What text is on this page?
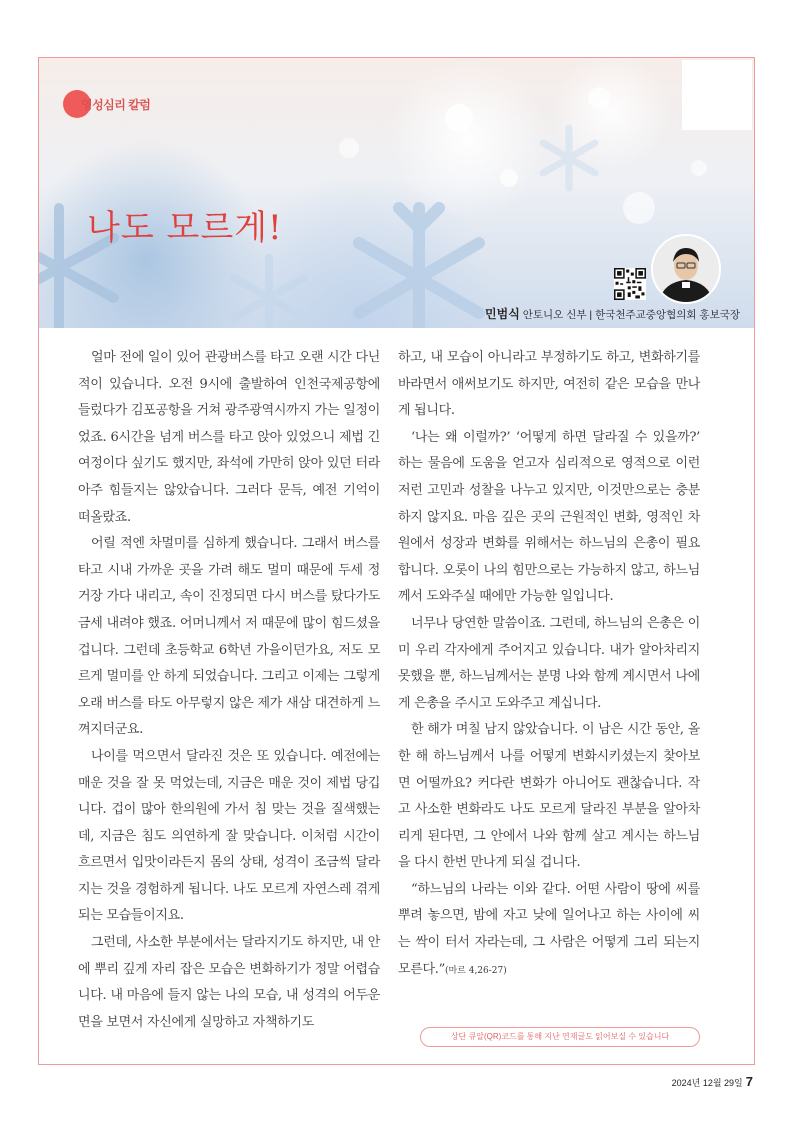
영성심리 칼럼
나도 모르게!
민범식 안토니오 신부 | 한국천주교중앙협의회 홍보국장

얼마 전에 일이 있어 관광버스를 타고 오랜 시간 다닌 적이 있습니다. 오전 9시에 출발하여 인천국제공항에 들렀다가 김포공항을 거쳐 광주광역시까지 가는 일정이었죠. 6시간을 넘게 버스를 타고 앉아 있었으니 제법 긴 여정이다 싶기도 했지만, 좌석에 가만히 앉아 있던 터라 아주 힘들지는 않았습니다. 그러다 문득, 예전 기억이 떠올랐죠.

어릴 적엔 차멀미를 심하게 했습니다. 그래서 버스를 타고 시내 가까운 곳을 가려 해도 멀미 때문에 두세 정거장 가다 내리고, 속이 진정되면 다시 버스를 탔다가도 금세 내려야 했죠. 어머니께서 저 때문에 많이 힘드셨을 겁니다. 그런데 초등학교 6학년 가을이던가요, 저도 모르게 멀미를 안 하게 되었습니다. 그리고 이제는 그렇게 오래 버스를 타도 아무렇지 않은 제가 새삼 대견하게 느껴지더군요.

나이를 먹으면서 달라진 것은 또 있습니다. 예전에는 매운 것을 잘 못 먹었는데, 지금은 매운 것이 제법 당깁니다. 겁이 많아 한의원에 가서 침 맞는 것을 질색했는데, 지금은 침도 의연하게 잘 맞습니다. 이처럼 시간이 흐르면서 입맛이라든지 몸의 상태, 성격이 조금씩 달라지는 것을 경험하게 됩니다. 나도 모르게 자연스레 겪게 되는 모습들이지요.

그런데, 사소한 부분에서는 달라지기도 하지만, 내 안에 뿌리 깊게 자리 잡은 모습은 변화하기가 정말 어렵습니다. 내 마음에 들지 않는 나의 모습, 내 성격의 어두운 면을 보면서 자신에게 실망하고 자책하기도

하고, 내 모습이 아니라고 부정하기도 하고, 변화하기를 바라면서 애써보기도 하지만, 여전히 같은 모습을 만나게 됩니다.

‘나는 왜 이럴까?’ ‘어떻게 하면 달라질 수 있을까?’ 하는 물음에 도움을 얻고자 심리적으로 영적으로 이런저런 고민과 성찰을 나누고 있지만, 이것만으로는 충분하지 않지요. 마음 깊은 곳의 근원적인 변화, 영적인 차원에서 성장과 변화를 위해서는 하느님의 은총이 필요합니다. 오롯이 나의 힘만으로는 가능하지 않고, 하느님께서 도와주실 때에만 가능한 일입니다.

너무나 당연한 말씀이죠. 그런데, 하느님의 은총은 이미 우리 각자에게 주어지고 있습니다. 내가 알아차리지 못했을 뿐, 하느님께서는 분명 나와 함께 계시면서 나에게 은총을 주시고 도와주고 계십니다.

한 해가 며칠 남지 않았습니다. 이 남은 시간 동안, 올 한 해 하느님께서 나를 어떻게 변화시키셨는지 찾아보면 어떨까요? 커다란 변화가 아니어도 괜찮습니다. 작고 사소한 변화라도 나도 모르게 달라진 부분을 알아차리게 된다면, 그 안에서 나와 함께 살고 계시는 하느님을 다시 한번 만나게 되실 겁니다.

“하느님의 나라는 이와 같다. 어떤 사람이 땅에 씨를 뿌려 놓으면, 밤에 자고 낮에 일어나고 하는 사이에 씨는 싹이 터서 자라는데, 그 사람은 어떻게 그리 되는지 모른다.”(마르 4,26-27)

상단 큐알(QR)코드를 통해 지난 연재글도 읽어보실 수 있습니다
2024년 12월 29일 7
